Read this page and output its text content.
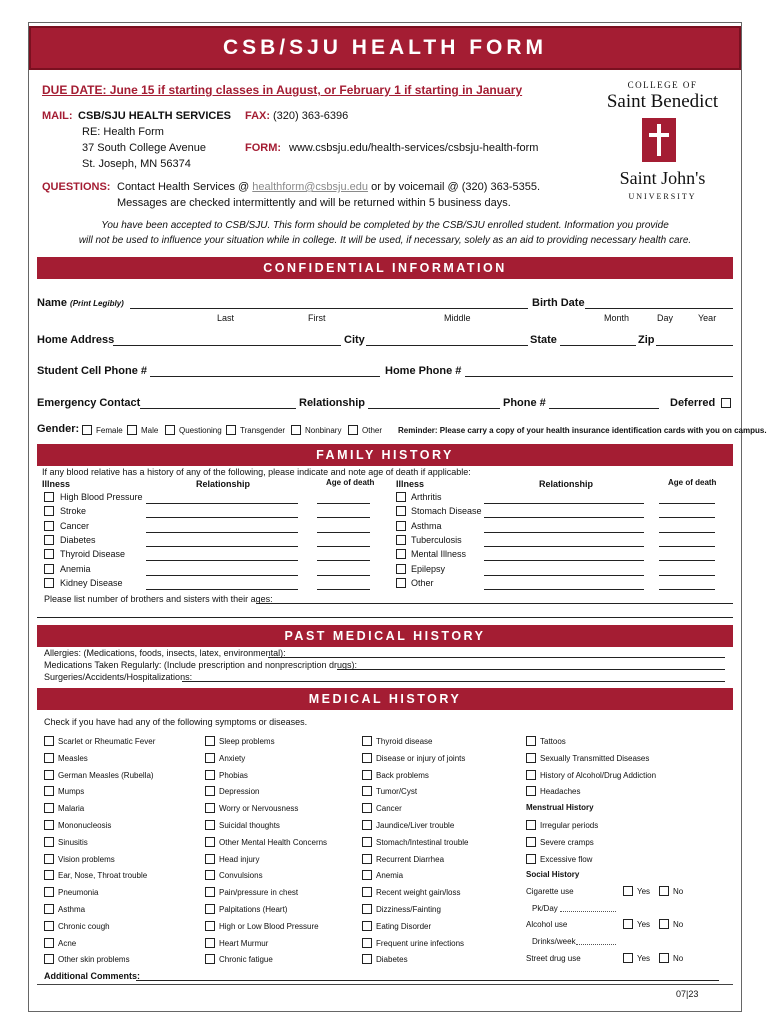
CSB/SJU HEALTH FORM
DUE DATE: June 15 if starting classes in August, or February 1 if starting in January
MAIL: CSB/SJU HEALTH SERVICES
RE: Health Form
37 South College Avenue
St. Joseph, MN 56374
FAX: (320) 363-6396
FORM: www.csbsju.edu/health-services/csbsju-health-form
QUESTIONS: Contact Health Services @ healthform@csbsju.edu or by voicemail @ (320) 363-5355.
Messages are checked intermittently and will be returned within 5 business days.
COLLEGE OF
Saint Benedict
Saint John's
UNIVERSITY
You have been accepted to CSB/SJU. This form should be completed by the CSB/SJU enrolled student. Information you provide
will not be used to influence your situation while in college. It will be used, if necessary, solely as an aid to providing necessary health care.
CONFIDENTIAL INFORMATION
Name (Print Legibly)	Birth Date
Last	First	Middle	Month	Day	Year
Home Address	City	State	Zip
Student Cell Phone #	Home Phone #
Emergency Contact	Relationship	Phone #	Deferred
Gender: Female Male	Questioning Transgender Nonbinary	Other Reminder: Please carry a copy of your health insurance identification cards with you on campus.
FAMILY HISTORY
If any blood relative has a history of any of the following, please indicate and note age of death if applicable:
Illness	Relationship	Age of death Illness	Relationship	Age of death
High Blood Pressure	Arthritis
Stroke	Stomach Disease
Cancer	Asthma
Diabetes	Tuberculosis
Thyroid Disease	Mental Illness
Anemia	Epilepsy
Kidney Disease	Other
Please list number of brothers and sisters with their ages:
PAST MEDICAL HISTORY
Allergies: (Medications, foods, insects, latex, environmental):
Medications Taken Regularly: (Include prescription and nonprescription drugs):
Surgeries/Accidents/Hospitalizations:
MEDICAL HISTORY
Check if you have had any of the following symptoms or diseases.
Scarlet or Rheumatic Fever	Sleep problems	Thyroid disease	Tattoos
Measles	Anxiety	Disease or injury of joints	Sexually Transmitted Diseases
German Measles (Rubella)	Phobias	Back problems	History of Alcohol/Drug Addiction
Mumps	Depression	Tumor/Cyst	Headaches
Malaria	Worry or Nervousness	Cancer
Mononucleosis	Suicidal thoughts	Jaundice/Liver trouble	Irregular periods
Sinusitis	Other Mental Health Concerns	Stomach/Intestinal trouble	Severe cramps
Vision problems	Head injury	Recurrent Diarrhea	Excessive flow
Ear, Nose, Throat trouble	Convulsions	Anemia
Pneumonia	Pain/pressure in chest	Recent weight gain/loss
Asthma	Palpitations (Heart)	Dizziness/Fainting
Chronic cough	High or Low Blood Pressure	Eating Disorder
Acne	Heart Murmur	Frequent urine infections
Other skin problems	Chronic fatigue	Diabetes
Menstrual History
Social History
Cigarette use	Yes	No
Pk/Day
Alcohol use	Yes	No
Drinks/week
Street drug use	Yes	No
Additional Comments:
07|23
